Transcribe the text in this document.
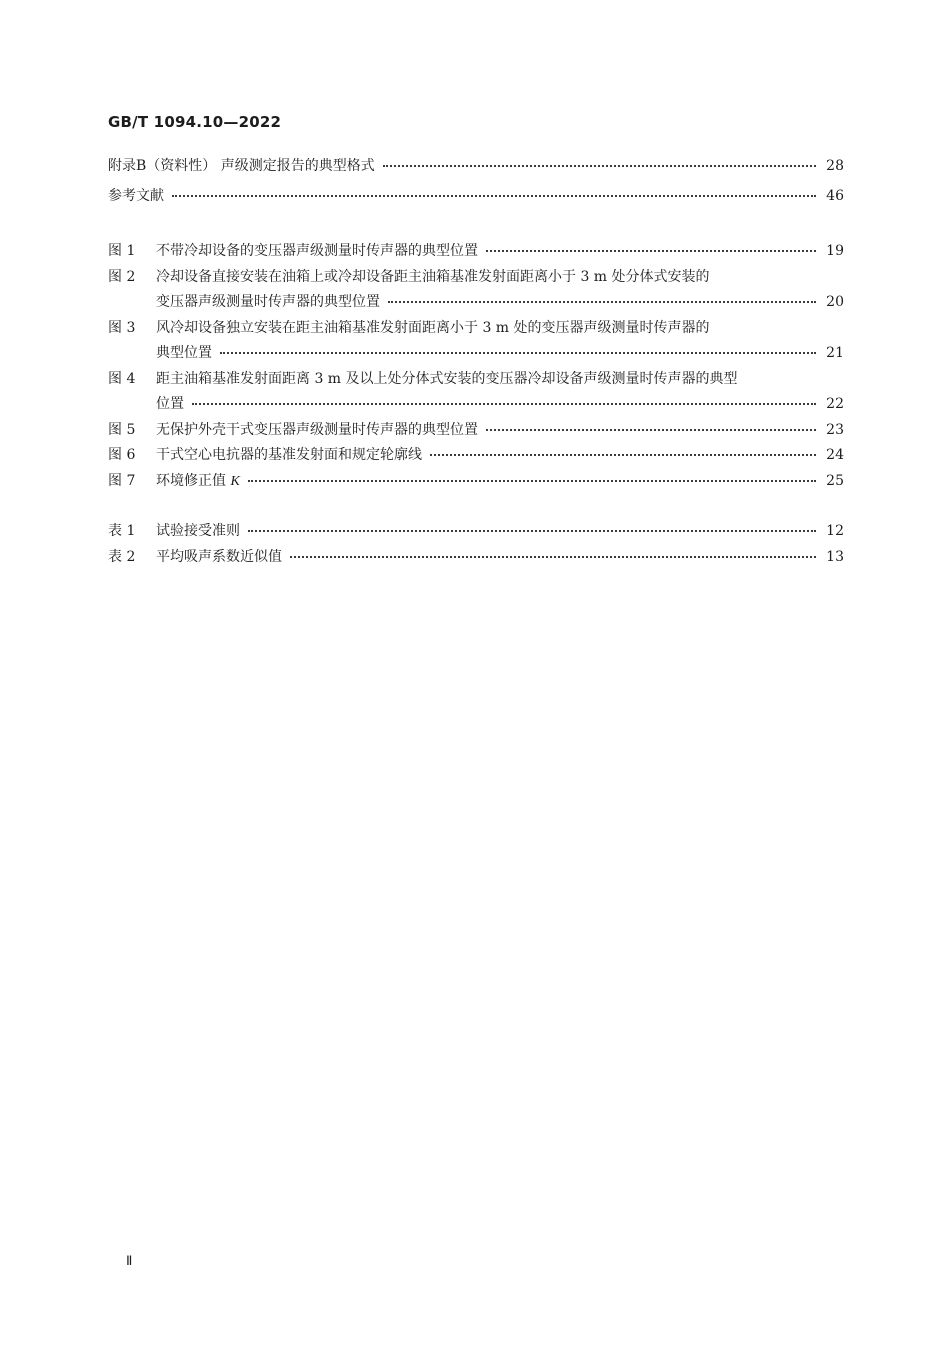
GB/T 1094.10—2022
附录B（资料性） 声级测定报告的典型格式	28
参考文献	46
图 1	不带冷却设备的变压器声级测量时传声器的典型位置	19
图 2	冷却设备直接安装在油箱上或冷却设备距主油箱基准发射面距离小于 3 m 处分体式安装的
变压器声级测量时传声器的典型位置	20
图 3	风冷却设备独立安装在距主油箱基准发射面距离小于 3 m 处的变压器声级测量时传声器的
典型位置	21
图 4	距主油箱基准发射面距离 3 m 及以上处分体式安装的变压器冷却设备声级测量时传声器的典型
位置	22
图 5	无保护外壳干式变压器声级测量时传声器的典型位置	23
图 6	干式空心电抗器的基准发射面和规定轮廓线	24
图 7	环境修正值 K	25
表 1	试验接受准则	12
表 2	平均吸声系数近似值	13
Ⅱ
